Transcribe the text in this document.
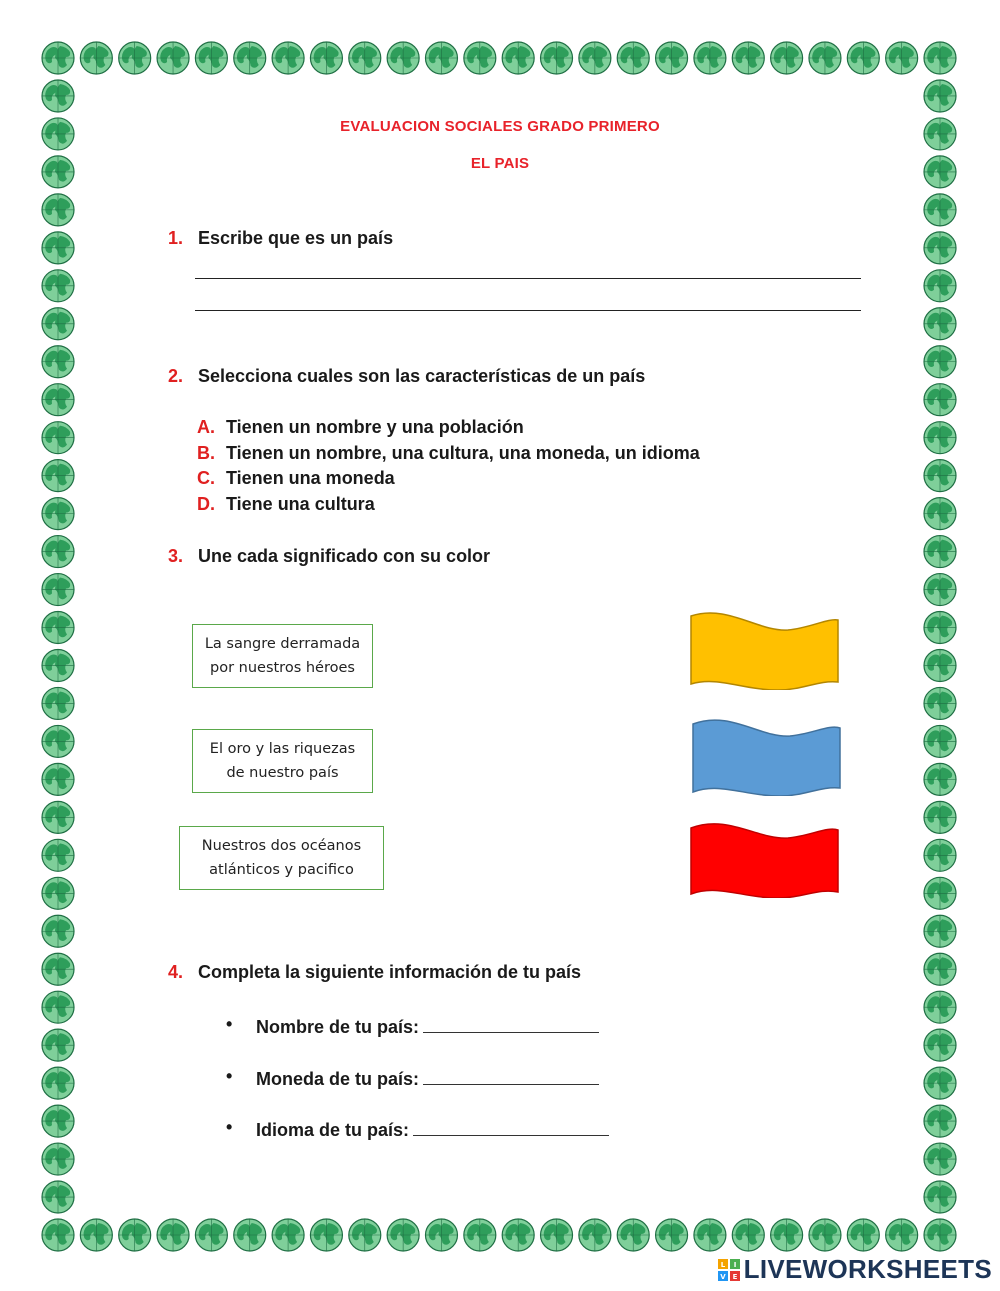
EVALUACION SOCIALES GRADO PRIMERO
EL PAIS
1. Escribe que es un país
2. Selecciona cuales son las características de un país
A. Tienen un nombre y una población
B. Tienen un nombre, una cultura, una moneda, un idioma
C. Tienen una moneda
D. Tiene una cultura
3. Une cada significado con su color
La sangre derramada
por nuestros héroes
El oro y las riquezas
de nuestro país
Nuestros dos océanos
atlánticos y pacifico
4. Completa la siguiente información de tu país
• Nombre de tu país:
• Moneda de tu país:
• Idioma de tu país:
L I
V E LIVEWORKSHEETS
